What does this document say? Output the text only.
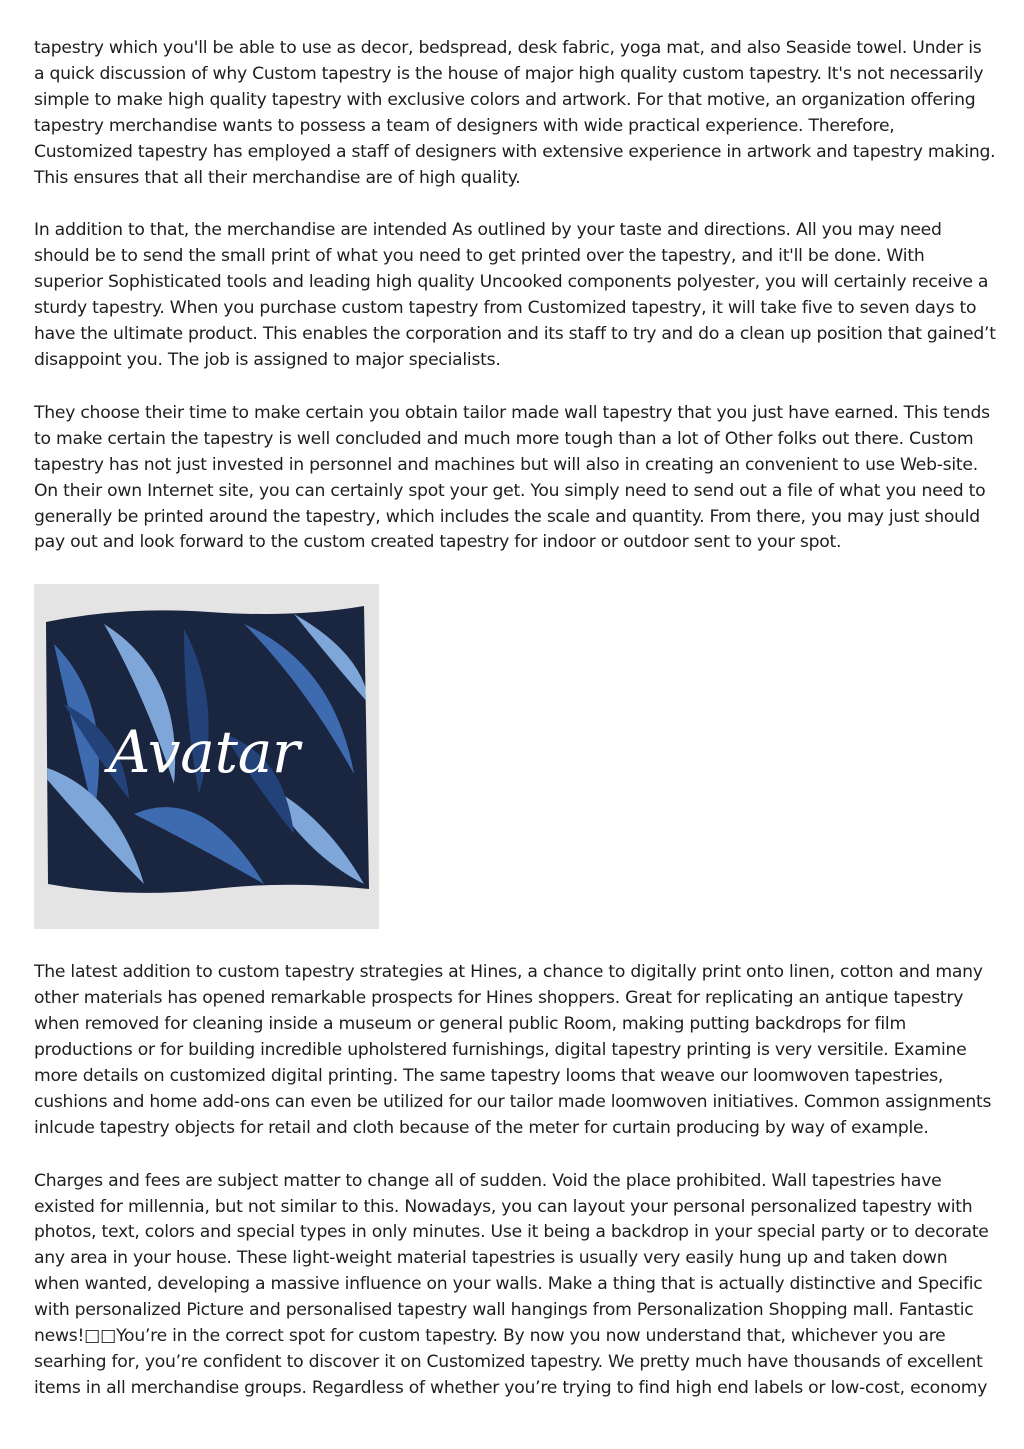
tapestry which you'll be able to use as decor, bedspread, desk fabric, yoga mat, and also Seaside towel. Under is a quick discussion of why Custom tapestry is the house of major high quality custom tapestry. It's not necessarily simple to make high quality tapestry with exclusive colors and artwork. For that motive, an organization offering tapestry merchandise wants to possess a team of designers with wide practical experience. Therefore, Customized tapestry has employed a staff of designers with extensive experience in artwork and tapestry making. This ensures that all their merchandise are of high quality.

In addition to that, the merchandise are intended As outlined by your taste and directions. All you may need should be to send the small print of what you need to get printed over the tapestry, and it'll be done. With superior Sophisticated tools and leading high quality Uncooked components polyester, you will certainly receive a sturdy tapestry. When you purchase custom tapestry from Customized tapestry, it will take five to seven days to have the ultimate product. This enables the corporation and its staff to try and do a clean up position that gained’t disappoint you. The job is assigned to major specialists.

They choose their time to make certain you obtain tailor made wall tapestry that you just have earned. This tends to make certain the tapestry is well concluded and much more tough than a lot of Other folks out there. Custom tapestry has not just invested in personnel and machines but will also in creating an convenient to use Web-site. On their own Internet site, you can certainly spot your get. You simply need to send out a file of what you need to generally be printed around the tapestry, which includes the scale and quantity. From there, you may just should pay out and look forward to the custom created tapestry for indoor or outdoor sent to your spot.

Avatar

The latest addition to custom tapestry strategies at Hines, a chance to digitally print onto linen, cotton and many other materials has opened remarkable prospects for Hines shoppers. Great for replicating an antique tapestry when removed for cleaning inside a museum or general public Room, making putting backdrops for film productions or for building incredible upholstered furnishings, digital tapestry printing is very versitile. Examine more details on customized digital printing. The same tapestry looms that weave our loomwoven tapestries, cushions and home add-ons can even be utilized for our tailor made loomwoven initiatives. Common assignments inlcude tapestry objects for retail and cloth because of the meter for curtain producing by way of example.

Charges and fees are subject matter to change all of sudden. Void the place prohibited. Wall tapestries have existed for millennia, but not similar to this. Nowadays, you can layout your personal personalized tapestry with photos, text, colors and special types in only minutes. Use it being a backdrop in your special party or to decorate any area in your house. These light-weight material tapestries is usually very easily hung up and taken down when wanted, developing a massive influence on your walls. Make a thing that is actually distinctive and Specific with personalized Picture and personalised tapestry wall hangings from Personalization Shopping mall. Fantastic news!□□You’re in the correct spot for custom tapestry. By now you now understand that, whichever you are searhing for, you’re confident to discover it on Customized tapestry. We pretty much have thousands of excellent items in all merchandise groups. Regardless of whether you’re trying to find high end labels or low-cost, economy
